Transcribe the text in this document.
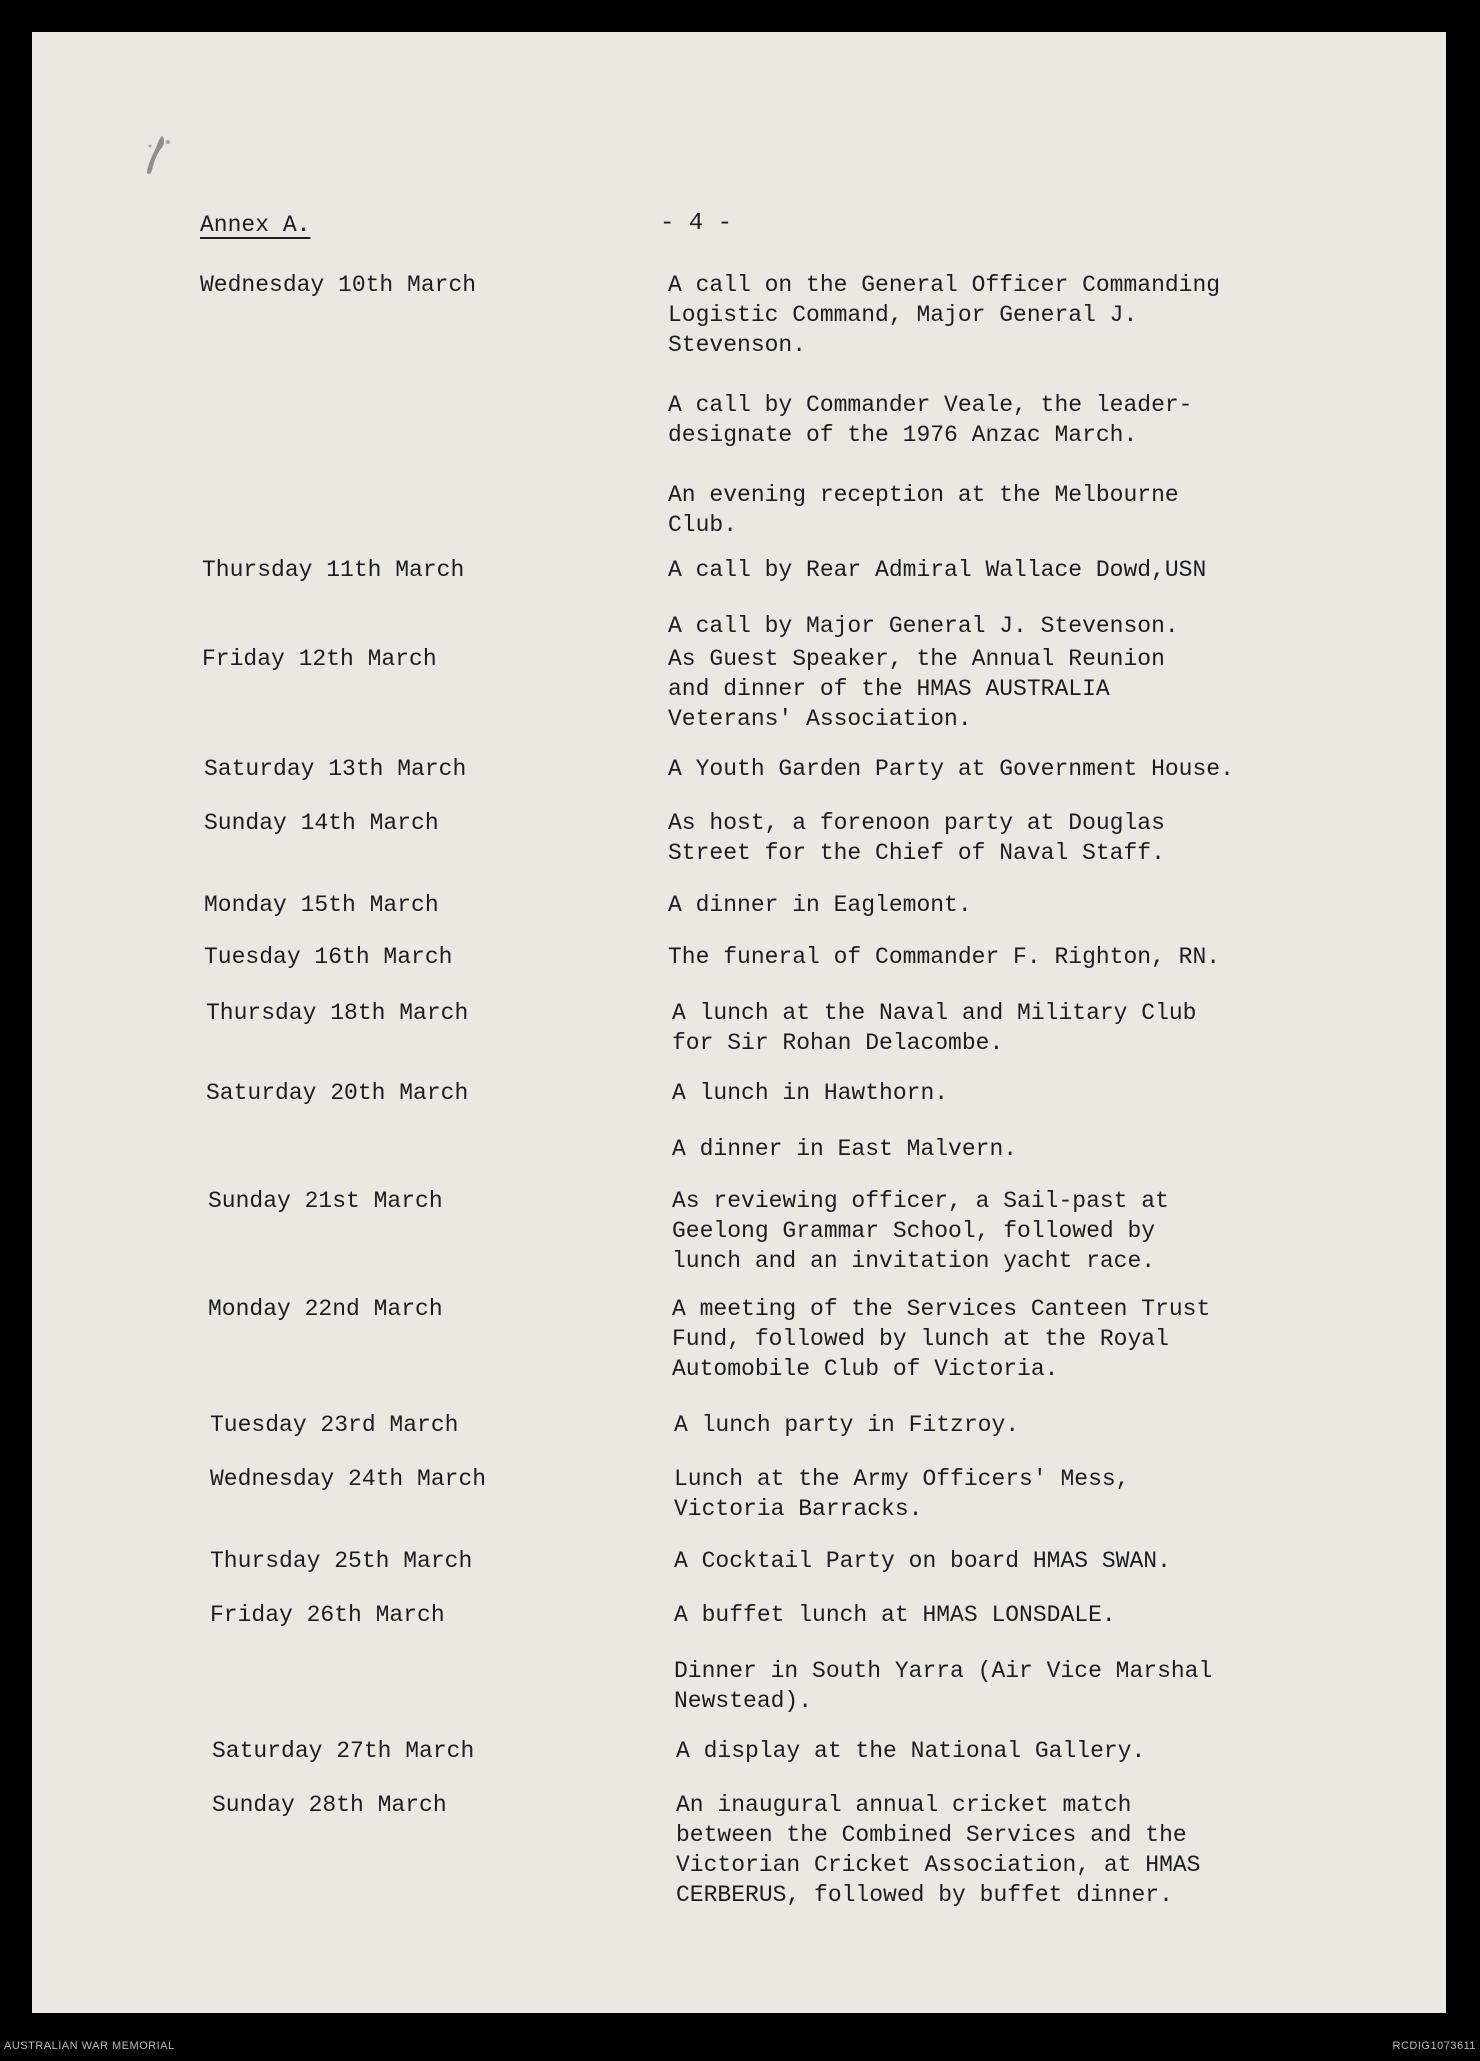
Annex A.	- 4 -
Wednesday 10th March	A call on the General Officer Commanding
Logistic Command, Major General J.
Stevenson.
A call by Commander Veale, the leader-
designate of the 1976 Anzac March.
An evening reception at the Melbourne
Club.
Thursday 11th March	A call by Rear Admiral Wallace Dowd,USN
A call by Major General J. Stevenson.
Friday 12th March	As Guest Speaker, the Annual Reunion
and dinner of the HMAS AUSTRALIA
Veterans' Association.
Saturday 13th March	A Youth Garden Party at Government House.
Sunday 14th March	As host, a forenoon party at Douglas
Street for the Chief of Naval Staff.
Monday 15th March	A dinner in Eaglemont.
Tuesday 16th March	The funeral of Commander F. Righton, RN.
Thursday 18th March	A lunch at the Naval and Military Club
for Sir Rohan Delacombe.
Saturday 20th March	A lunch in Hawthorn.
A dinner in East Malvern.
Sunday 21st March	As reviewing officer, a Sail-past at
Geelong Grammar School, followed by
lunch and an invitation yacht race.
Monday 22nd March	A meeting of the Services Canteen Trust
Fund, followed by lunch at the Royal
Automobile Club of Victoria.
Tuesday 23rd March	A lunch party in Fitzroy.
Wednesday 24th March	Lunch at the Army Officers' Mess,
Victoria Barracks.
Thursday 25th March	A Cocktail Party on board HMAS SWAN.
Friday 26th March	A buffet lunch at HMAS LONSDALE.
Dinner in South Yarra (Air Vice Marshal
Newstead).
Saturday 27th March	A display at the National Gallery.
Sunday 28th March	An inaugural annual cricket match
between the Combined Services and the
Victorian Cricket Association, at HMAS
CERBERUS, followed by buffet dinner.
AUSTRALIAN WAR MEMORIAL	RCDIG1073611
